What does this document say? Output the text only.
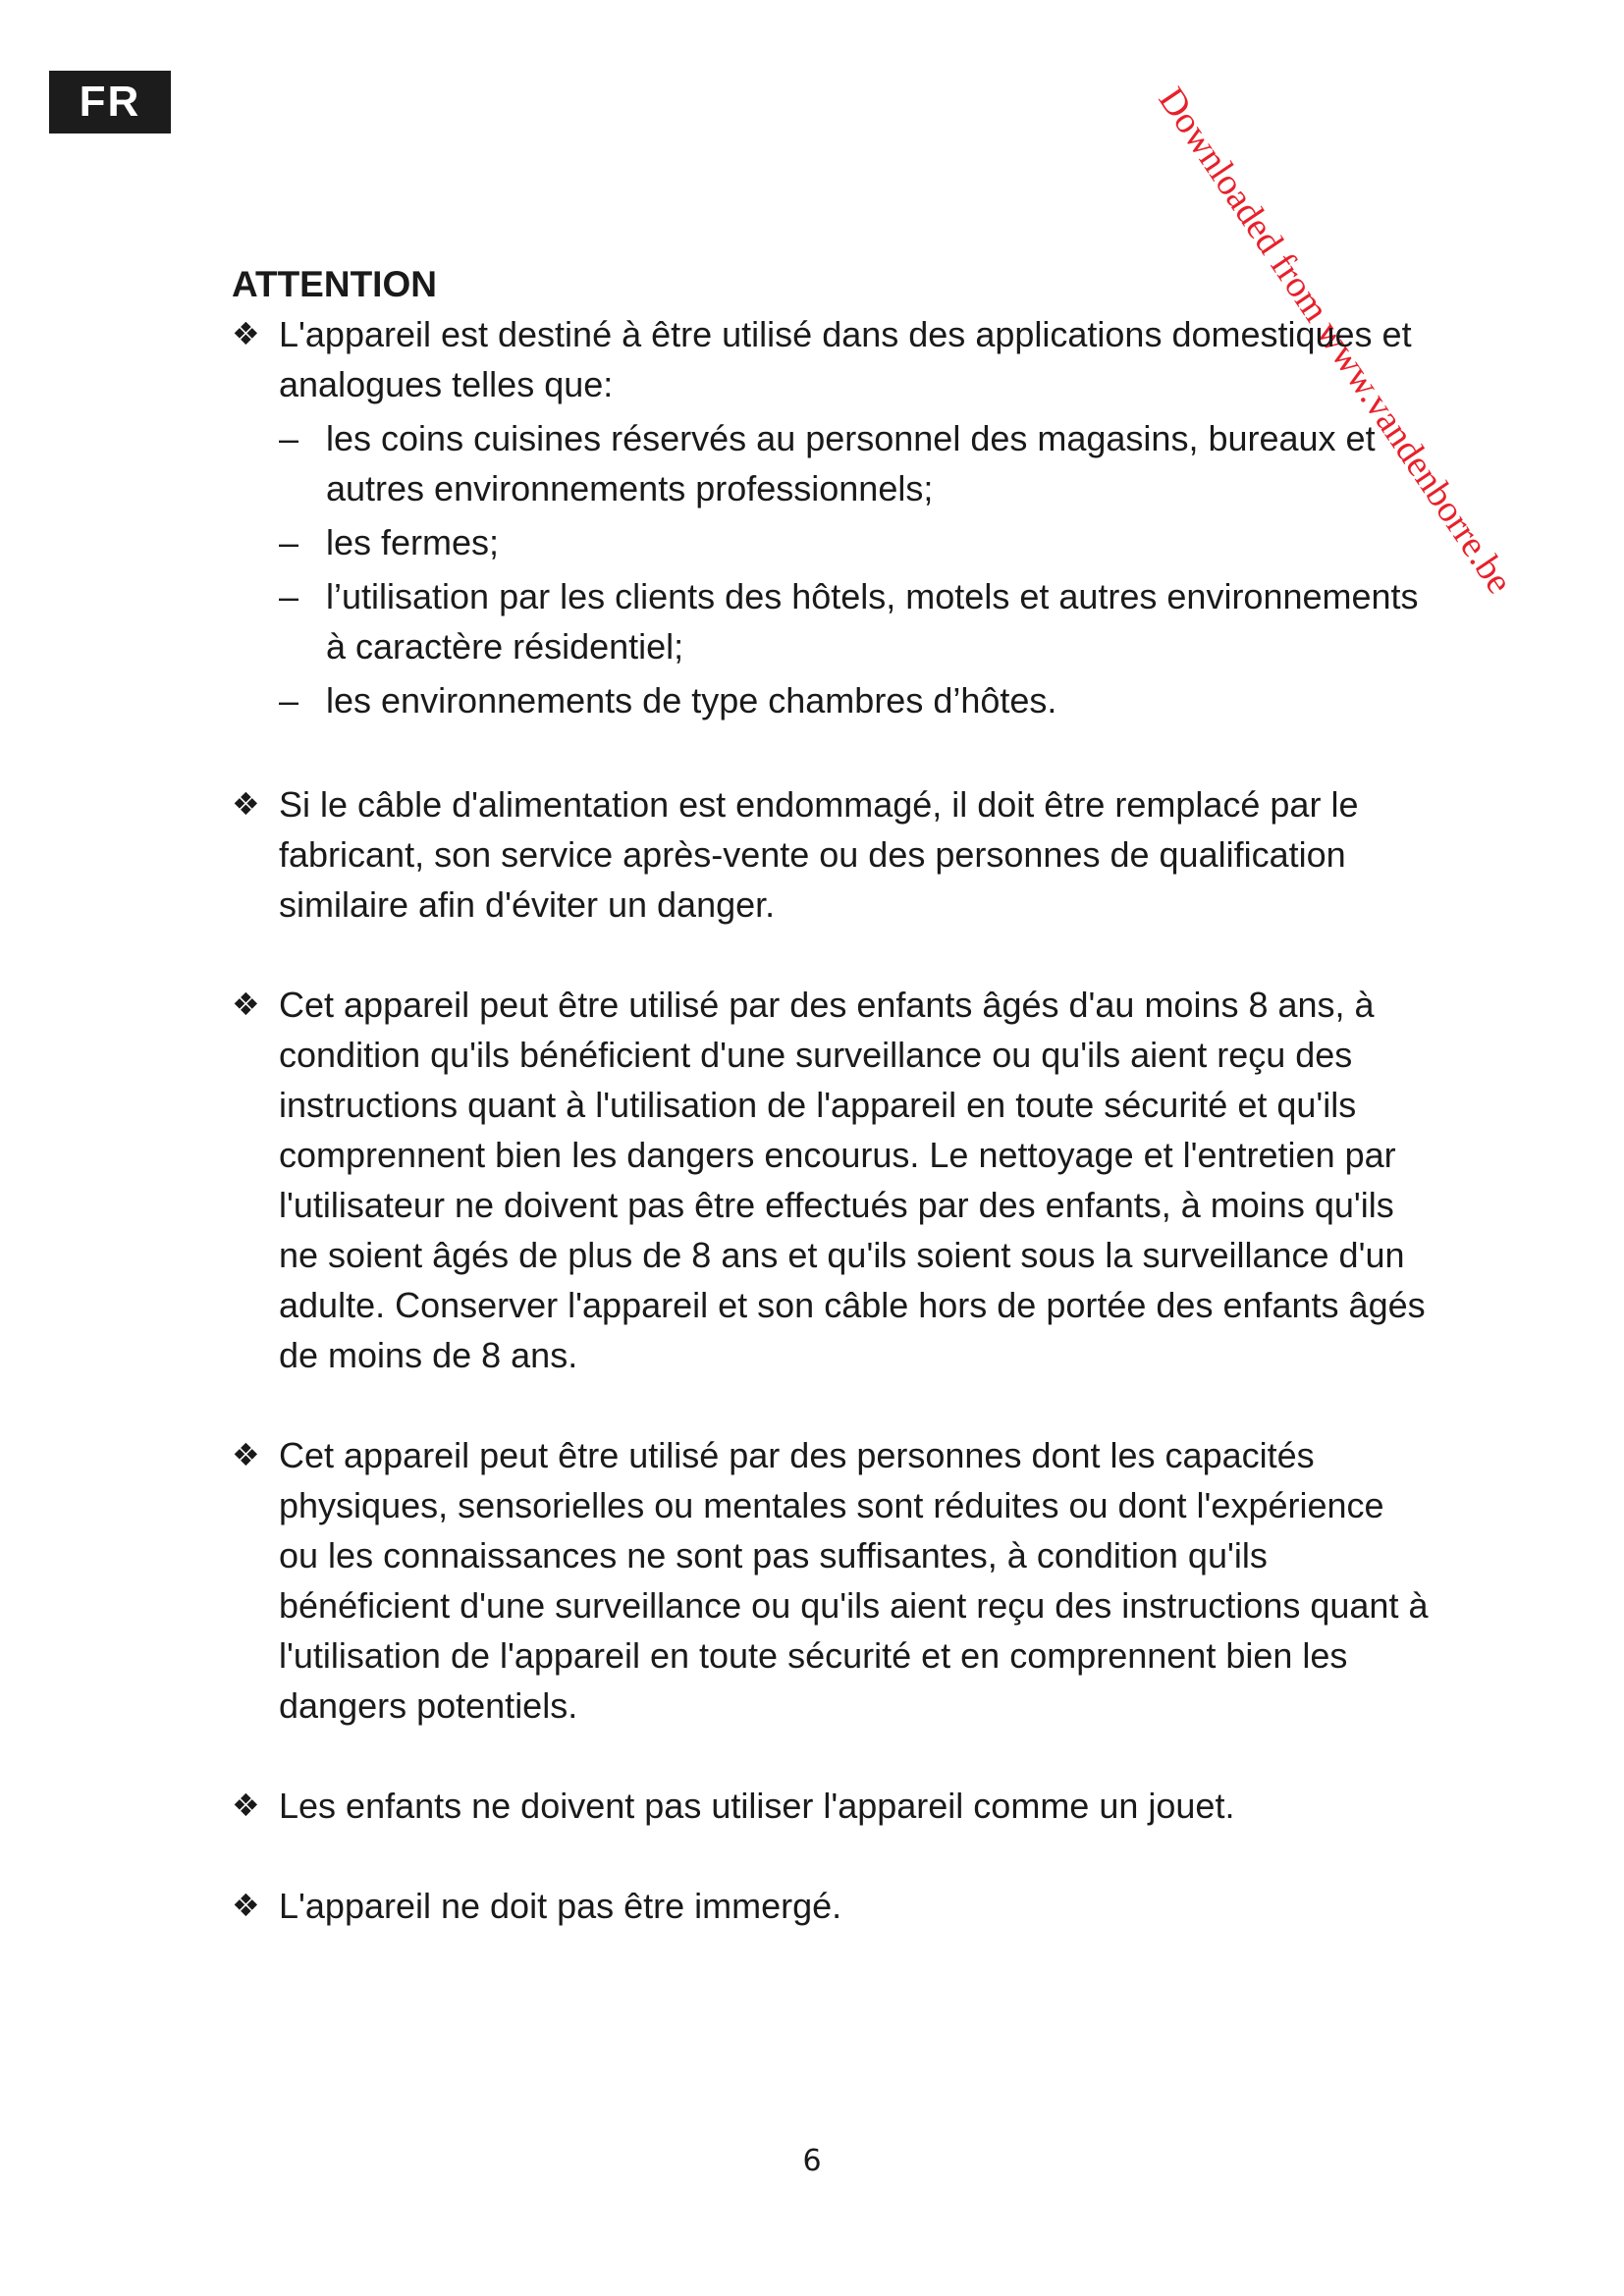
FR	Downloaded from www.vandenborre.be

ATTENTION

❖ L'appareil est destiné à être utilisé dans des applications domestiques et analogues telles que:
– les coins cuisines réservés au personnel des magasins, bureaux et autres environnements professionnels;
– les fermes;
– l’utilisation par les clients des hôtels, motels et autres environnements à caractère résidentiel;
– les environnements de type chambres d’hôtes.
❖ Si le câble d'alimentation est endommagé, il doit être remplacé par le fabricant, son service après-vente ou des personnes de qualification similaire afin d'éviter un danger.
❖ Cet appareil peut être utilisé par des enfants âgés d'au moins 8 ans, à condition qu'ils bénéficient d'une surveillance ou qu'ils aient reçu des instructions quant à l'utilisation de l'appareil en toute sécurité et qu'ils comprennent bien les dangers encourus. Le nettoyage et l'entretien par l'utilisateur ne doivent pas être effectués par des enfants, à moins qu'ils ne soient âgés de plus de 8 ans et qu'ils soient sous la surveillance d'un adulte. Conserver l'appareil et son câble hors de portée des enfants âgés de moins de 8 ans.
❖ Cet appareil peut être utilisé par des personnes dont les capacités physiques, sensorielles ou mentales sont réduites ou dont l'expérience ou les connaissances ne sont pas suffisantes, à condition qu'ils bénéficient d'une surveillance ou qu'ils aient reçu des instructions quant à l'utilisation de l'appareil en toute sécurité et en comprennent bien les dangers potentiels.
❖ Les enfants ne doivent pas utiliser l'appareil comme un jouet.
❖ L'appareil ne doit pas être immergé.
6
